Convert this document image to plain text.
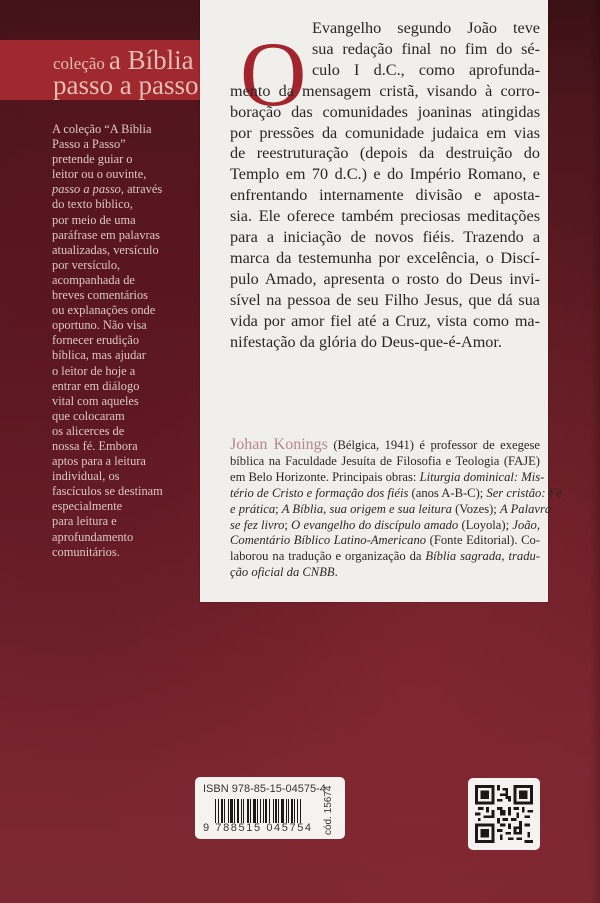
coleção a Bíblia
passo a passo
A coleção “A Bíblia
Passo a Passo”
pretende guiar o
leitor ou o ouvinte,
passo a passo, através
do texto bíblico,
por meio de uma
paráfrase em palavras
atualizadas, versículo
por versículo,
acompanhada de
breves comentários
ou explanações onde
oportuno. Não visa
fornecer erudição
bíblica, mas ajudar
o leitor de hoje a
entrar em diálogo
vital com aqueles
que colocaram
os alicerces de
nossa fé. Embora
aptos para a leitura
individual, os
fascículos se destinam
especialmente
para leitura e
aprofundamento
comunitários.
O Evangelho segundo João teve
sua redação final no fim do sé-
culo I d.C., como aprofunda-
mento da mensagem cristã, visando à corro-
boração das comunidades joaninas atingidas
por pressões da comunidade judaica em vias
de reestruturação (depois da destruição do
Templo em 70 d.C.) e do Império Romano, e
enfrentando internamente divisão e aposta-
sia. Ele oferece também preciosas meditações
para a iniciação de novos fiéis. Trazendo a
marca da testemunha por excelência, o Discí-
pulo Amado, apresenta o rosto do Deus invi-
sível na pessoa de seu Filho Jesus, que dá sua
vida por amor fiel até a Cruz, vista como ma-
nifestação da glória do Deus-que-é-Amor.
Johan Konings (Bélgica, 1941) é professor de exegese
bíblica na Faculdade Jesuíta de Filosofia e Teologia (FAJE)
em Belo Horizonte. Principais obras: Liturgia dominical: Mis-
tério de Cristo e formação dos fiéis (anos A-B-C); Ser cristão: Fé
e prática; A Bíblia, sua origem e sua leitura (Vozes); A Palavra
se fez livro; O evangelho do discípulo amado (Loyola); João,
Comentário Bíblico Latino-Americano (Fonte Editorial). Co-
laborou na tradução e organização da Bíblia sagrada, tradu-
ção oficial da CNBB.
ISBN 978-85-15-04575-4
9 788515 045754 cód. 15674
